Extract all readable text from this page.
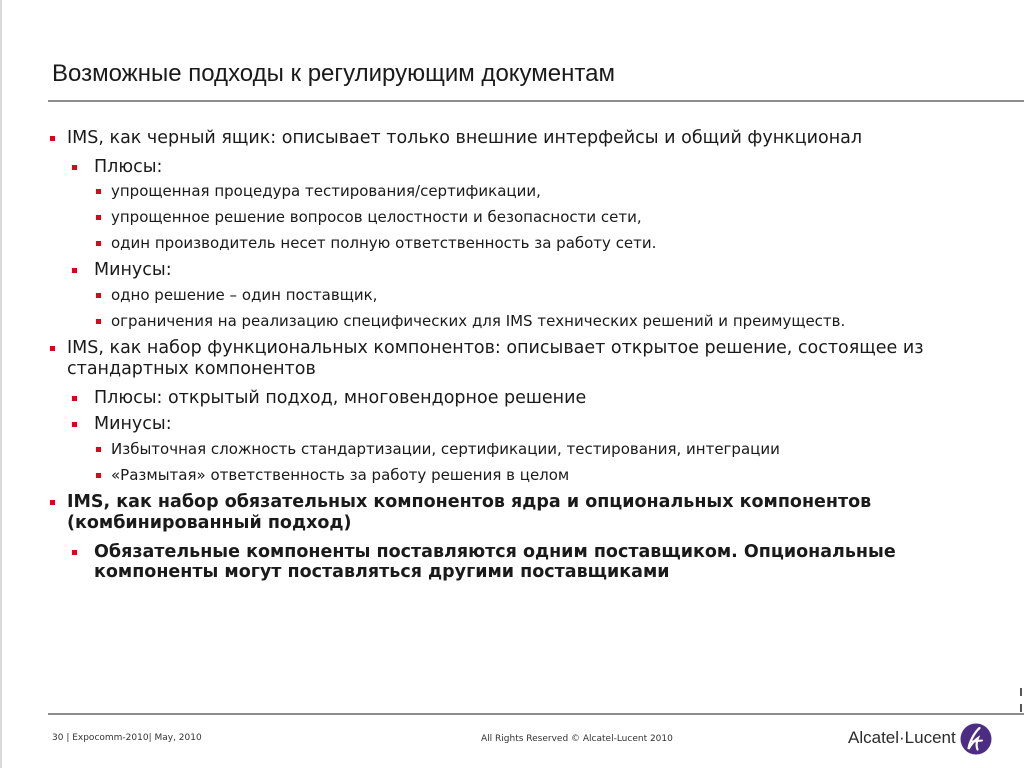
Возможные подходы к регулирующим документам
IMS, как черный ящик: описывает только внешние интерфейсы и общий функционал
Плюсы:
упрощенная процедура тестирования/сертификации,
упрощенное решение вопросов целостности и безопасности сети,
один производитель несет полную ответственность за работу сети.
Минусы:
одно решение – один поставщик,
ограничения на реализацию специфических для IMS технических решений и преимуществ.
IMS, как набор функциональных компонентов: описывает открытое решение, состоящее из стандартных компонентов
Плюсы: открытый подход, многовендорное решение
Минусы:
Избыточная сложность стандартизации, сертификации, тестирования, интеграции
«Размытая» ответственность за работу решения в целом
IMS, как набор обязательных компонентов ядра и опциональных компонентов (комбинированный подход)
Обязательные компоненты поставляются одним поставщиком. Опциональные компоненты могут поставляться другими поставщиками
30 | Expocomm-2010| May, 2010	All Rights Reserved © Alcatel-Lucent 2010	Alcatel·Lucent
